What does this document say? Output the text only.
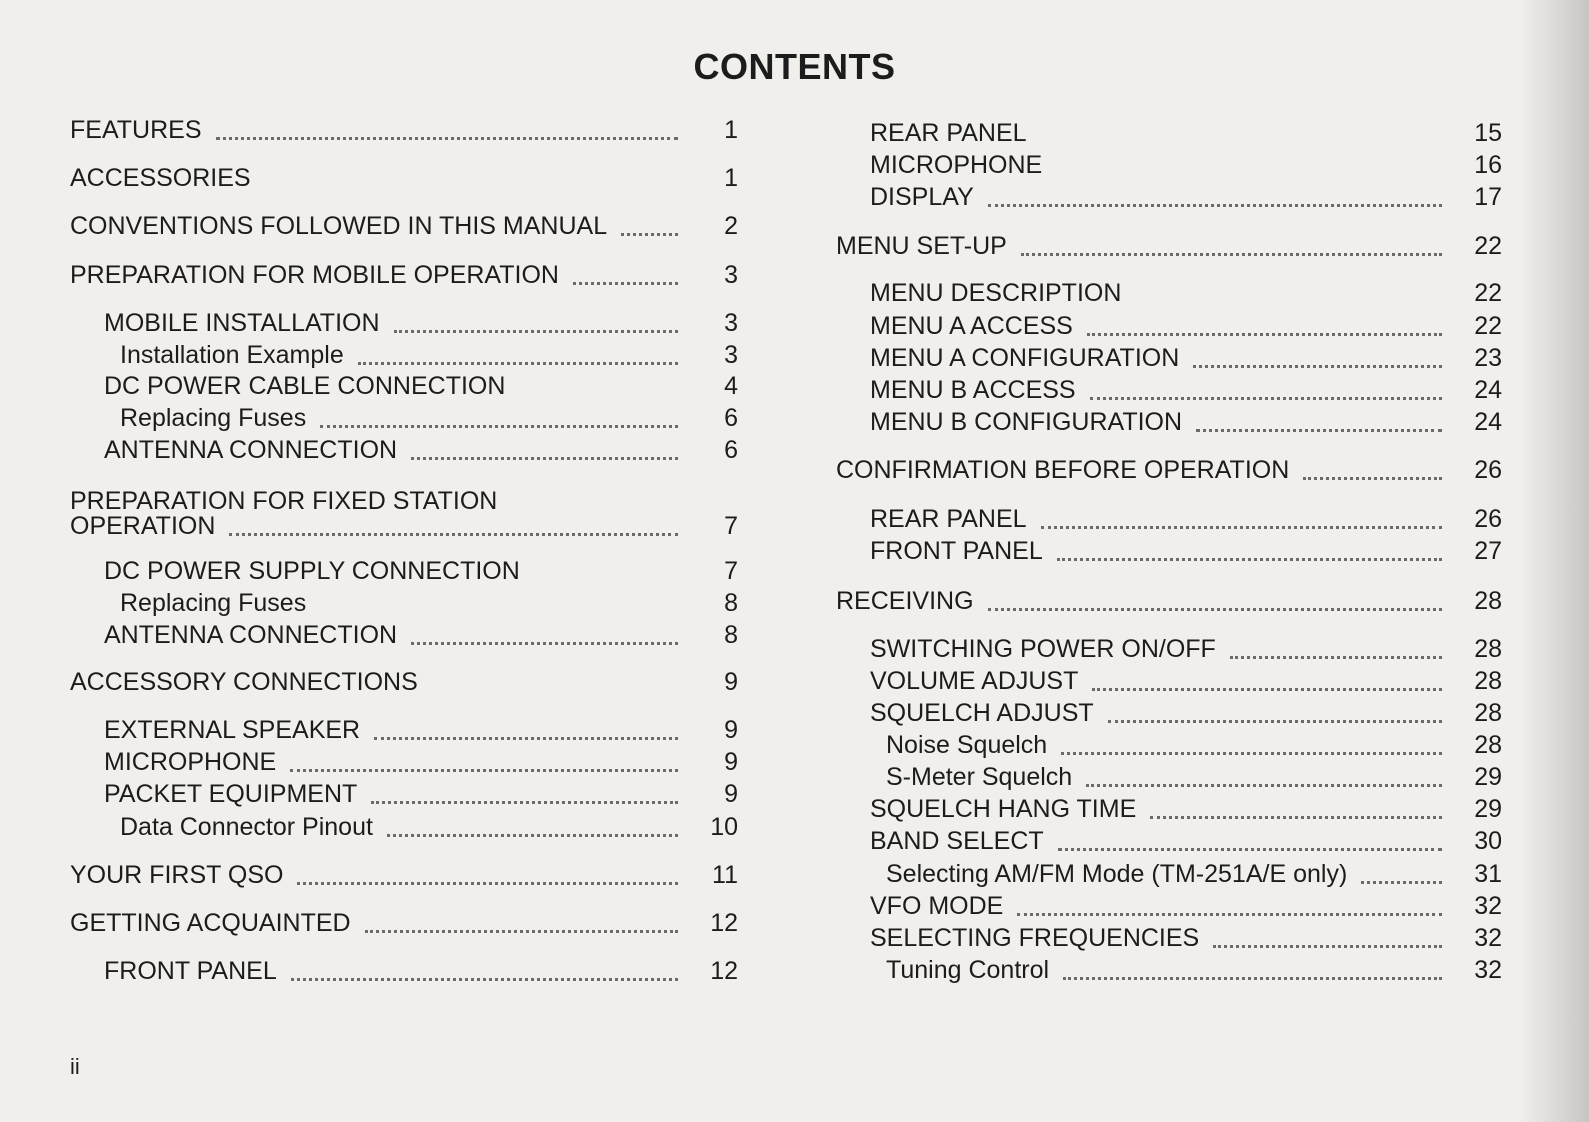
CONTENTS
FEATURES	1
ACCESSORIES	1
CONVENTIONS FOLLOWED IN THIS MANUAL	2
PREPARATION FOR MOBILE OPERATION	3
MOBILE INSTALLATION	3
Installation Example	3
DC POWER CABLE CONNECTION	4
Replacing Fuses	6
ANTENNA CONNECTION	6
PREPARATION FOR FIXED STATION
OPERATION	7
DC POWER SUPPLY CONNECTION	7
Replacing Fuses	8
ANTENNA CONNECTION	8
ACCESSORY CONNECTIONS	9
EXTERNAL SPEAKER	9
MICROPHONE	9
PACKET EQUIPMENT	9
Data Connector Pinout	10
YOUR FIRST QSO	11
GETTING ACQUAINTED	12
FRONT PANEL	12
REAR PANEL	15
MICROPHONE	16
DISPLAY	17
MENU SET-UP	22
MENU DESCRIPTION	22
MENU A ACCESS	22
MENU A CONFIGURATION	23
MENU B ACCESS	24
MENU B CONFIGURATION	24
CONFIRMATION BEFORE OPERATION	26
REAR PANEL	26
FRONT PANEL	27
RECEIVING	28
SWITCHING POWER ON/OFF	28
VOLUME ADJUST	28
SQUELCH ADJUST	28
Noise Squelch	28
S-Meter Squelch	29
SQUELCH HANG TIME	29
BAND SELECT	30
Selecting AM/FM Mode (TM-251A/E only)	31
VFO MODE	32
SELECTING FREQUENCIES	32
Tuning Control	32
ii
